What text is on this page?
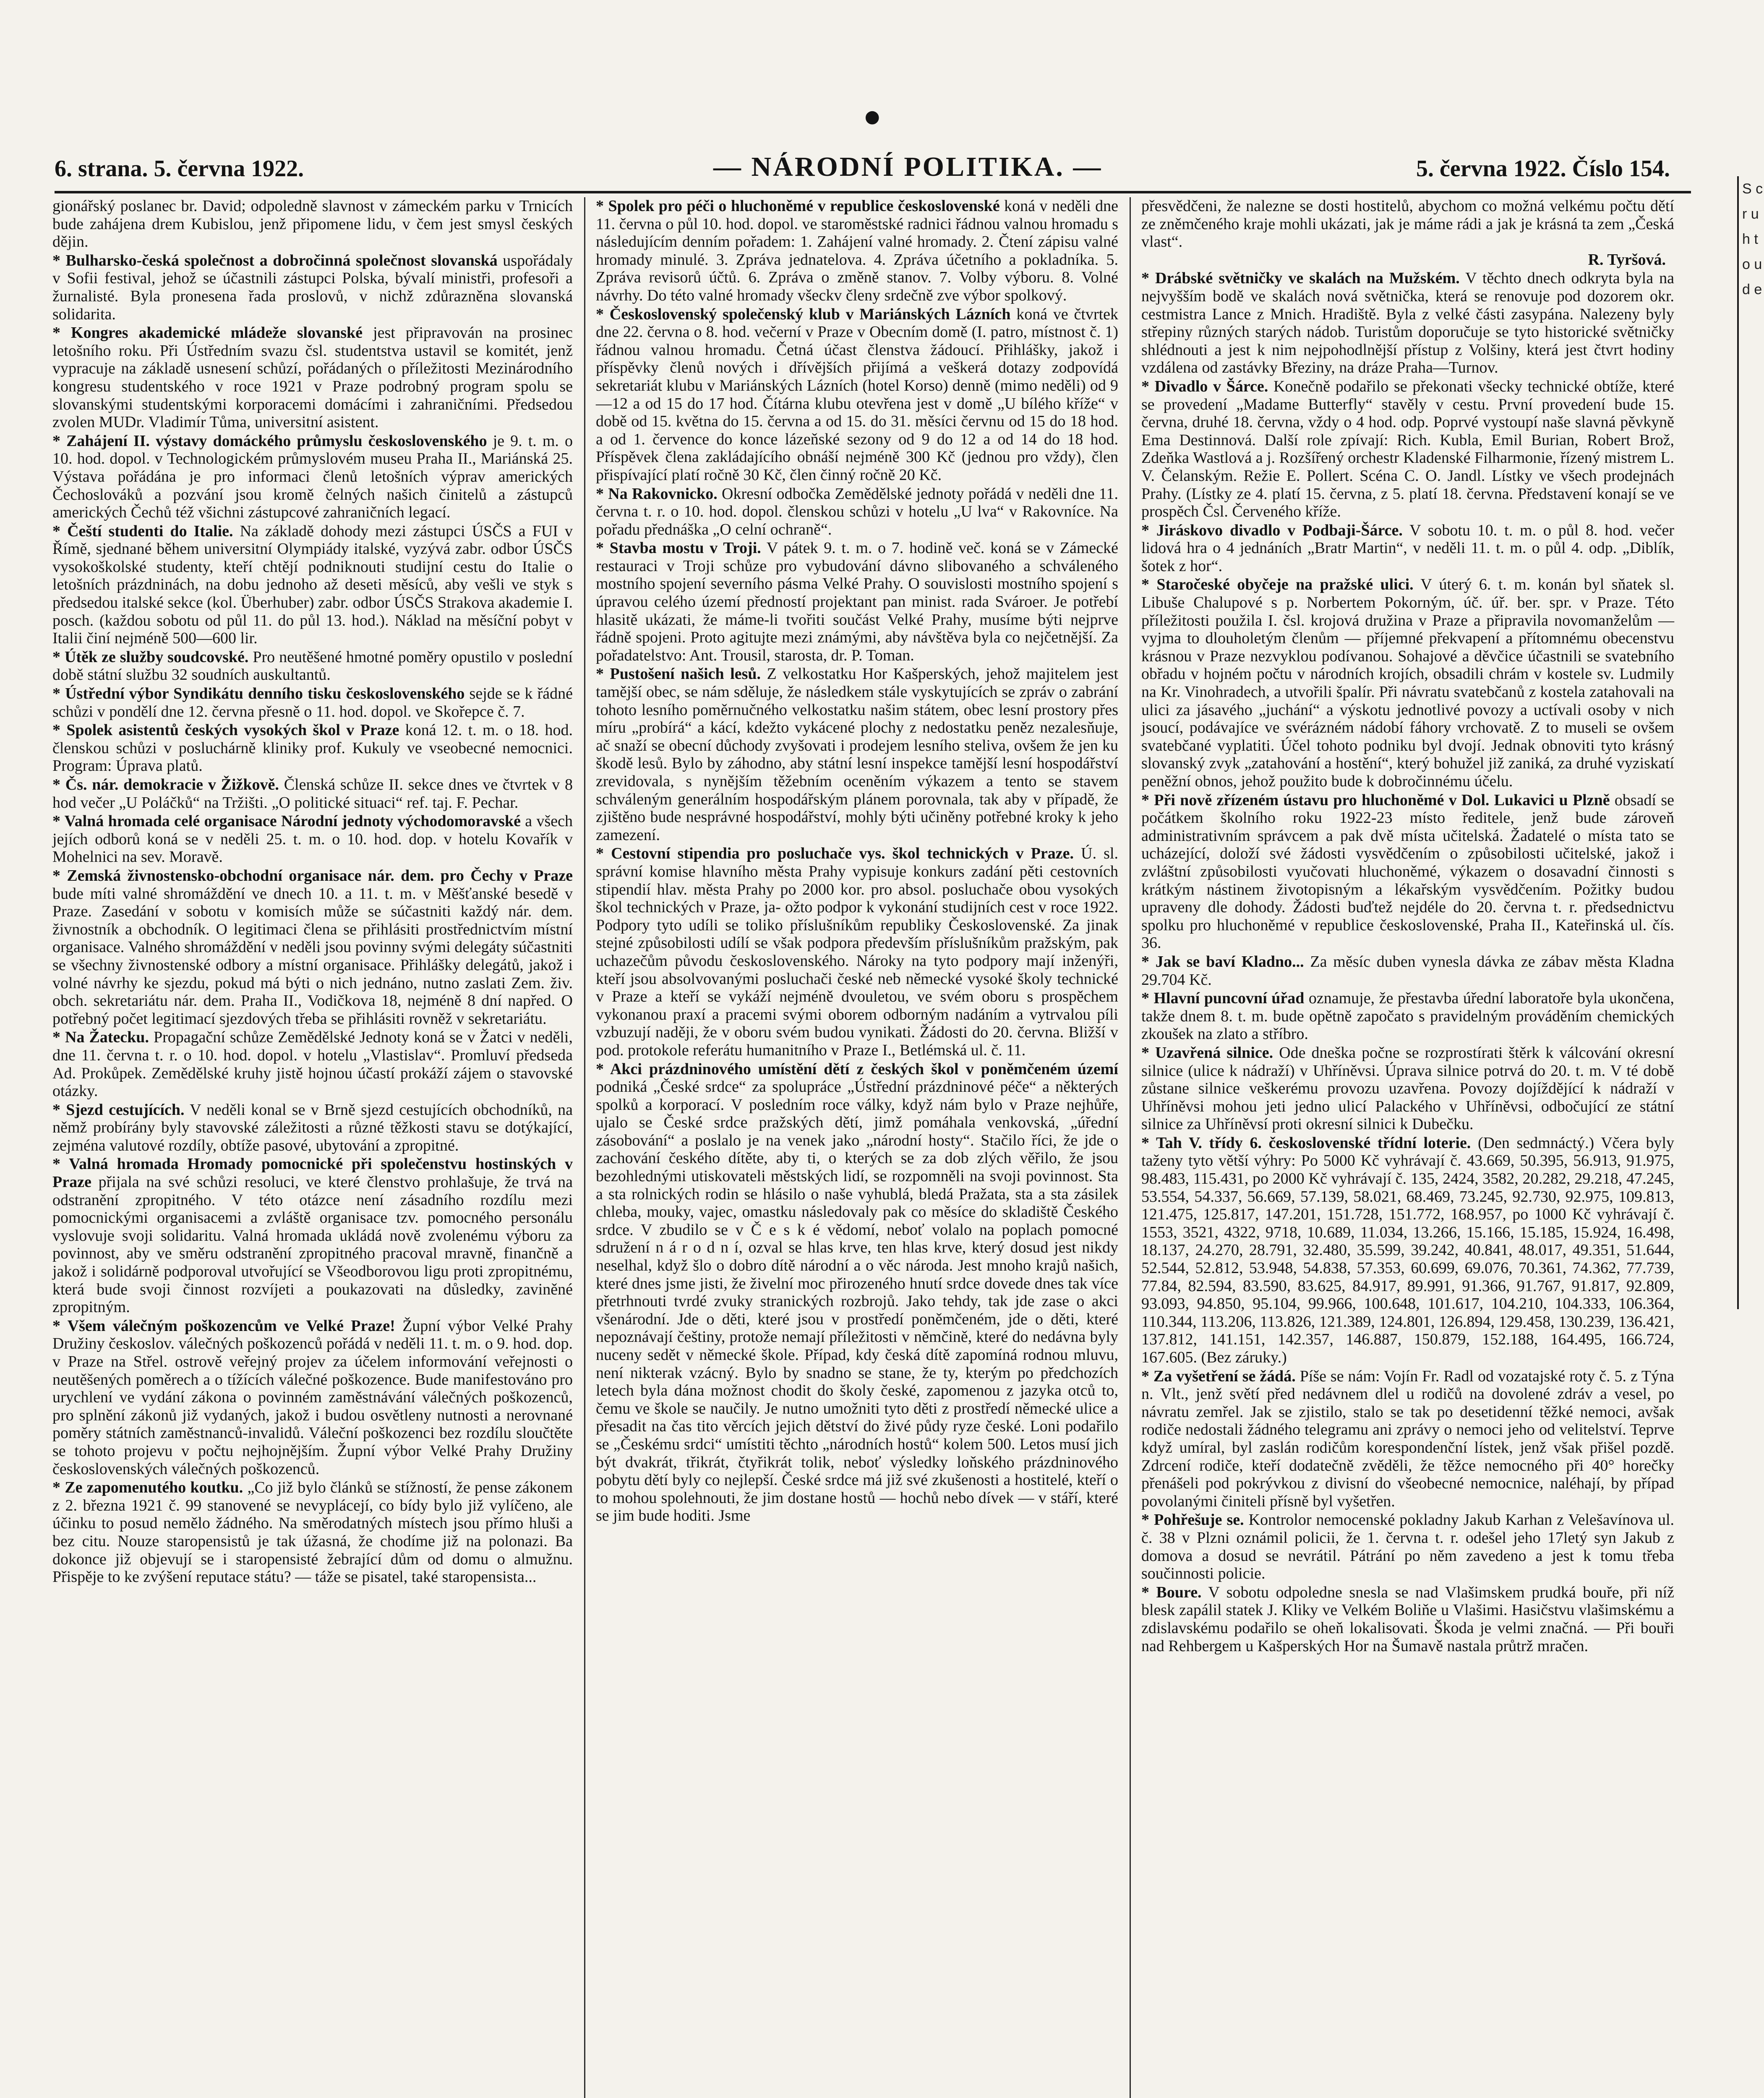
•
6. strana. 5. června 1922.	— NÁRODNÍ POLITIKA. —	5. června 1922. Číslo 154.

gionářský poslanec br. David; odpoledně slavnost v zámeckém parku v Trnicích bude zahájena drem Kubislou, jenž připomene lidu, v čem jest smysl českých dějin.

* Bulharsko-česká společnost a dobročinná společnost slovanská uspořádaly v Sofii festival, jehož se účastnili zástupci Polska, bývalí ministři, profesoři a žurnalisté. Byla pronesena řada proslovů, v nichž zdůrazněna slovanská solidarita.

* Kongres akademické mládeže slovanské jest připravován na prosinec letošního roku. Při Ústředním svazu čsl. studentstva ustavil se komitét, jenž vypracuje na základě usnesení schůzí, pořádaných o příležitosti Mezinárodního kongresu studentského v roce 1921 v Praze podrobný program spolu se slovanskými studentskými korporacemi domácími i zahraničními. Předsedou zvolen MUDr. Vladimír Tůma, universitní asistent.

* Zahájení II. výstavy domáckého průmyslu československého je 9. t. m. o 10. hod. dopol. v Technologickém průmyslovém museu Praha II., Mariánská 25. Výstava pořádána je pro informaci členů letošních výprav amerických Čechoslováků a pozvání jsou kromě čelných našich činitelů a zástupců amerických Čechů též všichni zástupcové zahraničních legací.

* Čeští studenti do Italie. Na základě dohody mezi zástupci ÚSČS a FUI v Římě, sjednané během universitní Olympiády italské, vyzývá zabr. odbor ÚSČS vysokoškolské studenty, kteří chtějí podniknouti studijní cestu do Italie o letošních prázdninách, na dobu jednoho až deseti měsíců, aby vešli ve styk s předsedou italské sekce (kol. Überhuber) zabr. odbor ÚSČS Strakova akademie I. posch. (každou sobotu od půl 11. do půl 13. hod.). Náklad na měsíční pobyt v Italii činí nejméně 500—600 lir.

* Útěk ze služby soudcovské. Pro neutěšené hmotné poměry opustilo v poslední době státní službu 32 soudních auskultantů.

* Ústřední výbor Syndikátu denního tisku československého sejde se k řádné schůzi v pondělí dne 12. června přesně o 11. hod. dopol. ve Skořepce č. 7.

* Spolek asistentů českých vysokých škol v Praze koná 12. t. m. o 18. hod. členskou schůzi v posluchárně kliniky prof. Kukuly ve vseobecné nemocnici. Program: Úprava platů.

* Čs. nár. demokracie v Žižkově. Členská schůze II. sekce dnes ve čtvrtek v 8 hod večer „U Poláčků“ na Tržišti. „O politické situaci“ ref. taj. F. Pechar.

* Valná hromada celé organisace Národní jednoty východomoravské a všech jejích odborů koná se v neděli 25. t. m. o 10. hod. dop. v hotelu Kovařík v Mohelnici na sev. Moravě.

* Zemská živnostensko-obchodní organisace nár. dem. pro Čechy v Praze bude míti valné shromáždění ve dnech 10. a 11. t. m. v Měšťanské besedě v Praze. Zasedání v sobotu v komisích může se súčastniti každý nár. dem. živnostník a obchodník. O legitimaci člena se přihlásiti prostřednictvím místní organisace. Valného shromáždění v neděli jsou povinny svými delegáty súčastniti se všechny živnostenské odbory a místní organisace. Přihlášky delegátů, jakož i volné návrhy ke sjezdu, pokud má býti o nich jednáno, nutno zaslati Zem. živ. obch. sekretariátu nár. dem. Praha II., Vodičkova 18, nejméně 8 dní napřed. O potřebný počet legitimací sjezdových třeba se přihlásiti rovněž v sekretariátu.

* Na Žatecku. Propagační schůze Zemědělské Jednoty koná se v Žatci v neděli, dne 11. června t. r. o 10. hod. dopol. v hotelu „Vlastislav“. Promluví předseda Ad. Prokůpek. Zemědělské kruhy jistě hojnou účastí prokáží zájem o stavovské otázky.

* Sjezd cestujících. V neděli konal se v Brně sjezd cestujících obchodníků, na němž probírány byly stavovské záležitosti a různé těžkosti stavu se dotýkající, zejména valutové rozdíly, obtíže pasové, ubytování a zpropitné.

* Valná hromada Hromady pomocnické při společenstvu hostinských v Praze přijala na své schůzi resoluci, ve které členstvo prohlašuje, že trvá na odstranění zpropitného. V této otázce není zásadního rozdílu mezi pomocnickými organisacemi a zvláště organisace tzv. pomocného personálu vyslovuje svoji solidaritu. Valná hromada ukládá nově zvolenému výboru za povinnost, aby ve směru odstranění zpropitného pracoval mravně, finančně a jakož i solidárně podporoval utvořující se Všeodborovou ligu proti zpropitnému, která bude svoji činnost rozvíjeti a poukazovati na důsledky, zaviněné zpropitným.

* Všem válečným poškozencům ve Velké Praze! Župní výbor Velké Prahy Družiny českoslov. válečných poškozenců pořádá v neděli 11. t. m. o 9. hod. dop. v Praze na Střel. ostrově veřejný projev za účelem informování veřejnosti o neutěšených poměrech a o tížících válečné poškozence. Bude manifestováno pro urychlení ve vydání zákona o povinném zaměstnávání válečných poškozenců, pro splnění zákonů již vydaných, jakož i budou osvětleny nutnosti a nerovnané poměry státních zaměstnanců-invalidů. Váleční poškozenci bez rozdílu sloučtěte se tohoto projevu v počtu nejhojnějším. Župní výbor Velké Prahy Družiny československých válečných poškozenců.

* Ze zapomenutého koutku. „Co již bylo článků se stížností, že pense zákonem z 2. března 1921 č. 99 stanovené se nevyplácejí, co bídy bylo již vylíčeno, ale účinku to posud nemělo žádného. Na směrodatných místech jsou přímo hluši a bez citu. Nouze staropensistů je tak úžasná, že chodíme již na polonazi. Ba dokonce již objevují se i staropensisté žebrající dům od domu o almužnu. Přispěje to ke zvýšení reputace státu? — táže se pisatel, také staropensista...

* Spolek pro péči o hluchoněmé v republice československé koná v neděli dne 11. června o půl 10. hod. dopol. ve staroměstské radnici řádnou valnou hromadu s následujícím denním pořadem: 1. Zahájení valné hromady. 2. Čtení zápisu valné hromady minulé. 3. Zpráva jednatelova. 4. Zpráva účetního a pokladníka. 5. Zpráva revisorů účtů. 6. Zpráva o změně stanov. 7. Volby výboru. 8. Volné návrhy. Do této valné hromady všeckv členy srdečně zve výbor spolkový.

* Československý společenský klub v Mariánských Lázních koná ve čtvrtek dne 22. června o 8. hod. večerní v Praze v Obecním domě (I. patro, místnost č. 1) řádnou valnou hromadu. Četná účast členstva žádoucí. Přihlášky, jakož i příspěvky členů nových i dřívějších přijímá a veškerá dotazy zodpovídá sekretariát klubu v Mariánských Lázních (hotel Korso) denně (mimo neděli) od 9—12 a od 15 do 17 hod. Čítárna klubu otevřena jest v domě „U bílého kříže“ v době od 15. května do 15. června a od 15. do 31. měsíci červnu od 15 do 18 hod. a od 1. července do konce lázeňské sezony od 9 do 12 a od 14 do 18 hod. Příspěvek člena zakládajícího obnáší nejméně 300 Kč (jednou pro vždy), člen přispívající platí ročně 30 Kč, člen činný ročně 20 Kč.

* Na Rakovnicko. Okresní odbočka Zemědělské jednoty pořádá v neděli dne 11. června t. r. o 10. hod. dopol. členskou schůzi v hotelu „U lva“ v Rakovníce. Na pořadu přednáška „O celní ochraně“.

* Stavba mostu v Troji. V pátek 9. t. m. o 7. hodině več. koná se v Zámecké restauraci v Troji schůze pro vybudování dávno slibovaného a schváleného mostního spojení severního pásma Velké Prahy. O souvislosti mostního spojení s úpravou celého území předností projektant pan minist. rada Svároer. Je potřebí hlasitě ukázati, že máme-li tvořiti součást Velké Prahy, musíme býti nejprve řádně spojeni. Proto agitujte mezi známými, aby návštěva byla co nejčetnější. Za pořadatelstvo: Ant. Trousil, starosta, dr. P. Toman.

* Pustošení našich lesů. Z velkostatku Hor Kašperských, jehož majitelem jest tamější obec, se nám sděluje, že následkem stále vyskytujících se zpráv o zabrání tohoto lesního poměrnučného velkostatku našim státem, obec lesní prostory přes míru „probírá“ a kácí, kdežto vykácené plochy z nedostatku peněz nezalesňuje, ač snaží se obecní důchody zvyšovati i prodejem lesního steliva, ovšem že jen ku škodě lesů. Bylo by záhodno, aby státní lesní inspekce tamější lesní hospodářství zrevidovala, s nynějším těžebním oceněním výkazem a tento se stavem schváleným generálním hospodářským plánem porovnala, tak aby v případě, že zjištěno bude nesprávné hospodářství, mohly býti učiněny potřebné kroky k jeho zamezení.

* Cestovní stipendia pro posluchače vys. škol technických v Praze. Ú. sl. správní komise hlavního města Prahy vypisuje konkurs zadání pěti cestovních stipendií hlav. města Prahy po 2000 kor. pro absol. posluchače obou vysokých škol technických v Praze, ja- ožto podpor k vykonání studijních cest v roce 1922. Podpory tyto udíli se toliko příslušníkům republiky Československé. Za jinak stejné způsobilosti udílí se však podpora především příslušníkům pražským, pak uchazečům původu československého. Nároky na tyto podpory mají inženýři, kteří jsou absolvovanými posluchači české neb německé vysoké školy technické v Praze a kteří se vykáží nejméně dvouletou, ve svém oboru s prospěchem vykonanou praxí a pracemi svými oborem odborným nadáním a vytrvalou píli vzbuzují naději, že v oboru svém budou vynikati. Žádosti do 20. června. Bližší v pod. protokole referátu humanitního v Praze I., Betlémská ul. č. 11.

* Akci prázdninového umístění dětí z českých škol v poněmčeném území podniká „České srdce“ za spolupráce „Ústřední prázdninové péče“ a některých spolků a korporací. V posledním roce války, když nám bylo v Praze nejhůře, ujalo se České srdce pražských dětí, jimž pomáhala venkovská, „úřední zásobování“ a poslalo je na venek jako „národní hosty“. Stačilo říci, že jde o zachování českého dítěte, aby ti, o kterých se za dob zlých věřilo, že jsou bezohlednými utiskovateli městských lidí, se rozpomněli na svoji povinnost. Sta a sta rolnických rodin se hlásilo o naše vyhublá, bledá Pražata, sta a sta zásilek chleba, mouky, vajec, omastku následovaly pak co měsíce do skladiště Českého srdce. V zbudilo se v Č e s k é vědomí, neboť volalo na poplach pomocné sdružení n á r o d n í, ozval se hlas krve, ten hlas krve, který dosud jest nikdy neselhal, když šlo o dobro dítě národní a o věc národa. Jest mnoho krajů našich, které dnes jsme jisti, že živelní moc přirozeného hnutí srdce dovede dnes tak více přetrhnouti tvrdé zvuky stranických rozbrojů. Jako tehdy, tak jde zase o akci všenárodní. Jde o děti, které jsou v prostředí poněmčeném, jde o děti, které nepoznávají češtiny, protože nemají příležitosti v němčině, které do nedávna byly nuceny sedět v německé škole. Případ, kdy česká dítě zapomíná rodnou mluvu, není nikterak vzácný. Bylo by snadno se stane, že ty, kterým po předchozích letech byla dána možnost chodit do školy české, zapomenou z jazyka otců to, čemu ve škole se naučily. Je nutno umožniti tyto děti z prostředí německé ulice a přesadit na čas tito věrcích jejich dětství do živé půdy ryze české. Loni podařilo se „Českému srdci“ umístiti těchto „národních hostů“ kolem 500. Letos musí jich být dvakrát, třikrát, čtyřikrát tolik, neboť výsledky loňského prázdninového pobytu dětí byly co nejlepší. České srdce má již své zkušenosti a hostitelé, kteří o to mohou spolehnouti, že jim dostane hostů — hochů nebo dívek — v stáří, které se jim bude hoditi. Jsme

přesvědčeni, že nalezne se dosti hostitelů, abychom co možná velkému počtu dětí ze zněmčeného kraje mohli ukázati, jak je máme rádi a jak je krásná ta zem „Česká vlast“.
R. Tyršová.

* Drábské světničky ve skalách na Mužském. V těchto dnech odkryta byla na nejvyšším bodě ve skalách nová světnička, která se renovuje pod dozorem okr. cestmistra Lance z Mnich. Hradiště. Byla z velké části zasypána. Nalezeny byly střepiny různých starých nádob. Turistům doporučuje se tyto historické světničky shlédnouti a jest k nim nejpohodlnější přístup z Volšiny, která jest čtvrt hodiny vzdálena od zastávky Březiny, na dráze Praha—Turnov.

* Divadlo v Šárce. Konečně podařilo se překonati všecky technické obtíže, které se provedení „Madame Butterfly“ stavěly v cestu. První provedení bude 15. června, druhé 18. června, vždy o 4 hod. odp. Poprvé vystoupí naše slavná pěvkyně Ema Destinnová. Další role zpívají: Rich. Kubla, Emil Burian, Robert Brož, Zdeňka Wastlová a j. Rozšířený orchestr Kladenské Filharmonie, řízený mistrem L. V. Čelanským. Režie E. Pollert. Scéna C. O. Jandl. Lístky ve všech prodejnách Prahy. (Lístky ze 4. platí 15. června, z 5. platí 18. června. Představení konají se ve prospěch Čsl. Červeného kříže.

* Jiráskovo divadlo v Podbaji-Šárce. V sobotu 10. t. m. o půl 8. hod. večer lidová hra o 4 jednáních „Bratr Martin“, v neděli 11. t. m. o půl 4. odp. „Diblík, šotek z hor“.

* Staročeské obyčeje na pražské ulici. V úterý 6. t. m. konán byl sňatek sl. Libuše Chalupové s p. Norbertem Pokorným, úč. úř. ber. spr. v Praze. Této příležitosti použila I. čsl. krojová družina v Praze a připravila novomanželům — vyjma to dlouholetým členům — příjemné překvapení a přítomnému obecenstvu krásnou v Praze nezvyklou podívanou. Sohajové a děvčice účastnili se svatebního obřadu v hojném počtu v národních krojích, obsadili chrám v kostele sv. Ludmily na Kr. Vinohradech, a utvořili špalír. Při návratu svatebčanů z kostela zatahovali na ulici za jásavého „juchání“ a výskotu jednotlivé povozy a uctívali osoby v nich jsoucí, podávajíce ve svérázném nádobí fáhory vrchovatě. Z to museli se ovšem svatebčané vyplatiti. Účel tohoto podniku byl dvojí. Jednak obnoviti tyto krásný slovanský zvyk „zatahování a hostění“, který bohužel již zaniká, za druhé vyziskatí peněžní obnos, jehož použito bude k dobročinnému účelu.

* Při nově zřízeném ústavu pro hluchoněmé v Dol. Lukavici u Plzně obsadí se počátkem školního roku 1922-23 místo ředitele, jenž bude zároveň administrativním správcem a pak dvě místa učitelská. Žadatelé o místa tato se ucházející, doloží své žádosti vysvědčením o způsobilosti učitelské, jakož i zvláštní způsobilosti vyučovati hluchoněmé, výkazem o dosavadní činnosti s krátkým nástinem životopisným a lékařským vysvědčením. Požitky budou upraveny dle dohody. Žádosti buďtež nejdéle do 20. června t. r. předsednictvu spolku pro hluchoněmé v republice československé, Praha II., Kateřinská ul. čís. 36.

* Jak se baví Kladno... Za měsíc duben vynesla dávka ze zábav města Kladna 29.704 Kč.

* Hlavní puncovní úřad oznamuje, že přestavba úřední laboratoře byla ukončena, takže dnem 8. t. m. bude opětně započato s pravidelným prováděním chemických zkoušek na zlato a stříbro.

* Uzavřená silnice. Ode dneška počne se rozprostírati štěrk k válcování okresní silnice (ulice k nádraží) v Uhříněvsi. Úprava silnice potrvá do 20. t. m. V té době zůstane silnice veškerému provozu uzavřena. Povozy dojíždějící k nádraží v Uhříněvsi mohou jeti jedno ulicí Palackého v Uhříněvsi, odbočující ze státní silnice za Uhříněvsí proti okresní silnici k Dubečku.

* Tah V. třídy 6. československé třídní loterie. (Den sedmnáctý.) Včera byly taženy tyto větší výhry: Po 5000 Kč vyhrávají č. 43.669, 50.395, 56.913, 91.975, 98.483, 115.431, po 2000 Kč vyhrávají č. 135, 2424, 3582, 20.282, 29.218, 47.245, 53.554, 54.337, 56.669, 57.139, 58.021, 68.469, 73.245, 92.730, 92.975, 109.813, 121.475, 125.817, 147.201, 151.728, 151.772, 168.957, po 1000 Kč vyhrávají č. 1553, 3521, 4322, 9718, 10.689, 11.034, 13.266, 15.166, 15.185, 15.924, 16.498, 18.137, 24.270, 28.791, 32.480, 35.599, 39.242, 40.841, 48.017, 49.351, 51.644, 52.544, 52.812, 53.948, 54.838, 57.353, 60.699, 69.076, 70.361, 74.362, 77.739, 77.84, 82.594, 83.590, 83.625, 84.917, 89.991, 91.366, 91.767, 91.817, 92.809, 93.093, 94.850, 95.104, 99.966, 100.648, 101.617, 104.210, 104.333, 106.364, 110.344, 113.206, 113.826, 121.389, 124.801, 126.894, 129.458, 130.239, 136.421, 137.812, 141.151, 142.357, 146.887, 150.879, 152.188, 164.495, 166.724, 167.605. (Bez záruky.)

* Za vyšetření se žádá. Píše se nám: Vojín Fr. Radl od vozatajské roty č. 5. z Týna n. Vlt., jenž světí před nedávnem dlel u rodičů na dovolené zdráv a vesel, po návratu zemřel. Jak se zjistilo, stalo se tak po desetidenní těžké nemoci, avšak rodiče nedostali žádného telegramu ani zprávy o nemoci jeho od velitelství. Teprve když umíral, byl zaslán rodičům korespondenční lístek, jenž však přišel pozdě. Zdrcení rodiče, kteří dodatečně zvěděli, že těžce nemocného při 40° horečky přenášeli pod pokrývkou z divisní do všeobecné nemocnice, naléhají, by případ povolanými činiteli přísně byl vyšetřen.

* Pohřešuje se. Kontrolor nemocenské pokladny Jakub Karhan z Velešavínova ul. č. 38 v Plzni oznámil policii, že 1. června t. r. odešel jeho 17letý syn Jakub z domova a dosud se nevrátil. Pátrání po něm zavedeno a jest k tomu třeba součinnosti policie.

* Boure. V sobotu odpoledne snesla se nad Vlašimskem prudká bouře, při níž blesk zapálil statek J. Kliky ve Velkém Boliňe u Vlašimi. Hasičstvu vlašimskému a zdislavskému podařilo se oheň lokalisovati. Škoda je velmi značná. — Při bouři nad Rehbergem u Kašperských Hor na Šumavě nastala průtrž mračen.

S c r u h t o u d e
